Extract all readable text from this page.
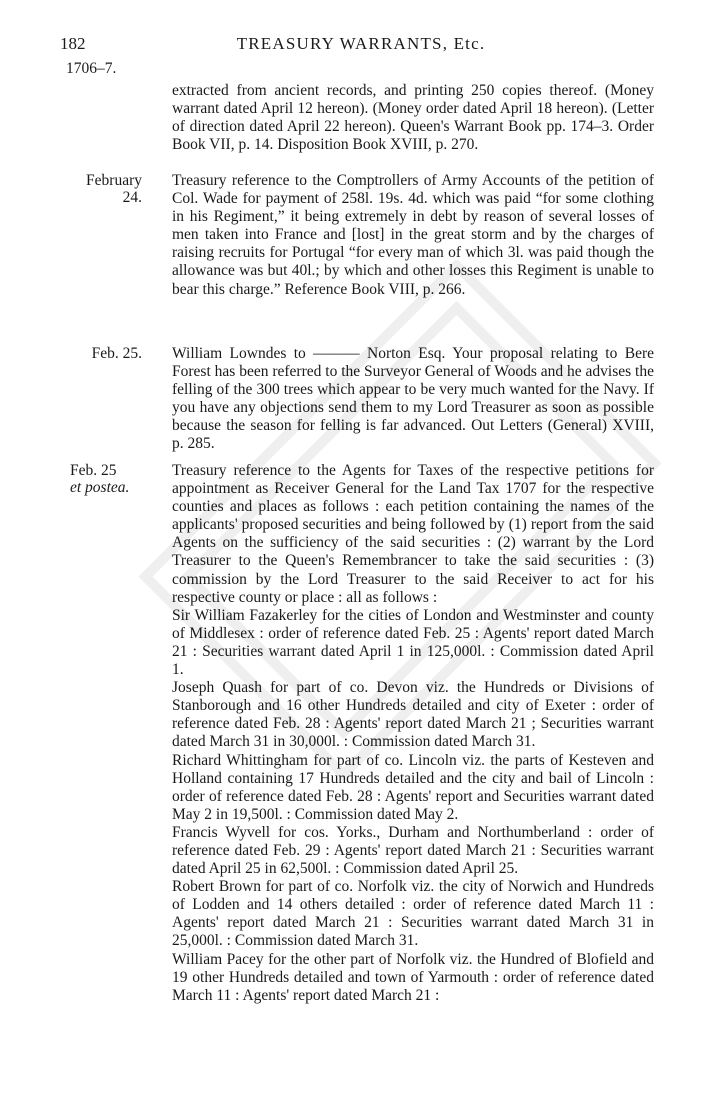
182	TREASURY WARRANTS, Etc.
1706–7.
extracted from ancient records, and printing 250 copies thereof. (Money warrant dated April 12 hereon). (Money order dated April 18 hereon). (Letter of direction dated April 22 hereon). Queen's Warrant Book pp. 174–3. Order Book VII, p. 14. Disposition Book XVIII, p. 270.
February
24.
Treasury reference to the Comptrollers of Army Accounts of the petition of Col. Wade for payment of 258l. 19s. 4d. which was paid “for some clothing in his Regiment,” it being extremely in debt by reason of several losses of men taken into France and [lost] in the great storm and by the charges of raising recruits for Portugal “for every man of which 3l. was paid though the allowance was but 40l.; by which and other losses this Regiment is unable to bear this charge.” Reference Book VIII, p. 266.
Feb. 25. William Lowndes to ——— Norton Esq. Your proposal relating to Bere Forest has been referred to the Surveyor General of Woods and he advises the felling of the 300 trees which appear to be very much wanted for the Navy. If you have any objections send them to my Lord Treasurer as soon as possible because the season for felling is far advanced. Out Letters (General) XVIII, p. 285.
Feb. 25
et postea.

Treasury reference to the Agents for Taxes of the respective petitions for appointment as Receiver General for the Land Tax 1707 for the respective counties and places as follows : each petition containing the names of the applicants' proposed securities and being followed by (1) report from the said Agents on the sufficiency of the said securities : (2) warrant by the Lord Treasurer to the Queen's Remembrancer to take the said securities : (3) commission by the Lord Treasurer to the said Receiver to act for his respective county or place : all as follows :

Sir William Fazakerley for the cities of London and Westminster and county of Middlesex : order of reference dated Feb. 25 : Agents' report dated March 21 : Securities warrant dated April 1 in 125,000l. : Commission dated April 1.

Joseph Quash for part of co. Devon viz. the Hundreds or Divisions of Stanborough and 16 other Hundreds detailed and city of Exeter : order of reference dated Feb. 28 : Agents' report dated March 21 ; Securities warrant dated March 31 in 30,000l. : Commission dated March 31.

Richard Whittingham for part of co. Lincoln viz. the parts of Kesteven and Holland containing 17 Hundreds detailed and the city and bail of Lincoln : order of reference dated Feb. 28 : Agents' report and Securities warrant dated May 2 in 19,500l. : Commission dated May 2.

Francis Wyvell for cos. Yorks., Durham and Northumberland : order of reference dated Feb. 29 : Agents' report dated March 21 : Securities warrant dated April 25 in 62,500l. : Commission dated April 25.

Robert Brown for part of co. Norfolk viz. the city of Norwich and Hundreds of Lodden and 14 others detailed : order of reference dated March 11 : Agents' report dated March 21 : Securities warrant dated March 31 in 25,000l. : Commission dated March 31.

William Pacey for the other part of Norfolk viz. the Hundred of Blofield and 19 other Hundreds detailed and town of Yarmouth : order of reference dated March 11 : Agents' report dated March 21 :
